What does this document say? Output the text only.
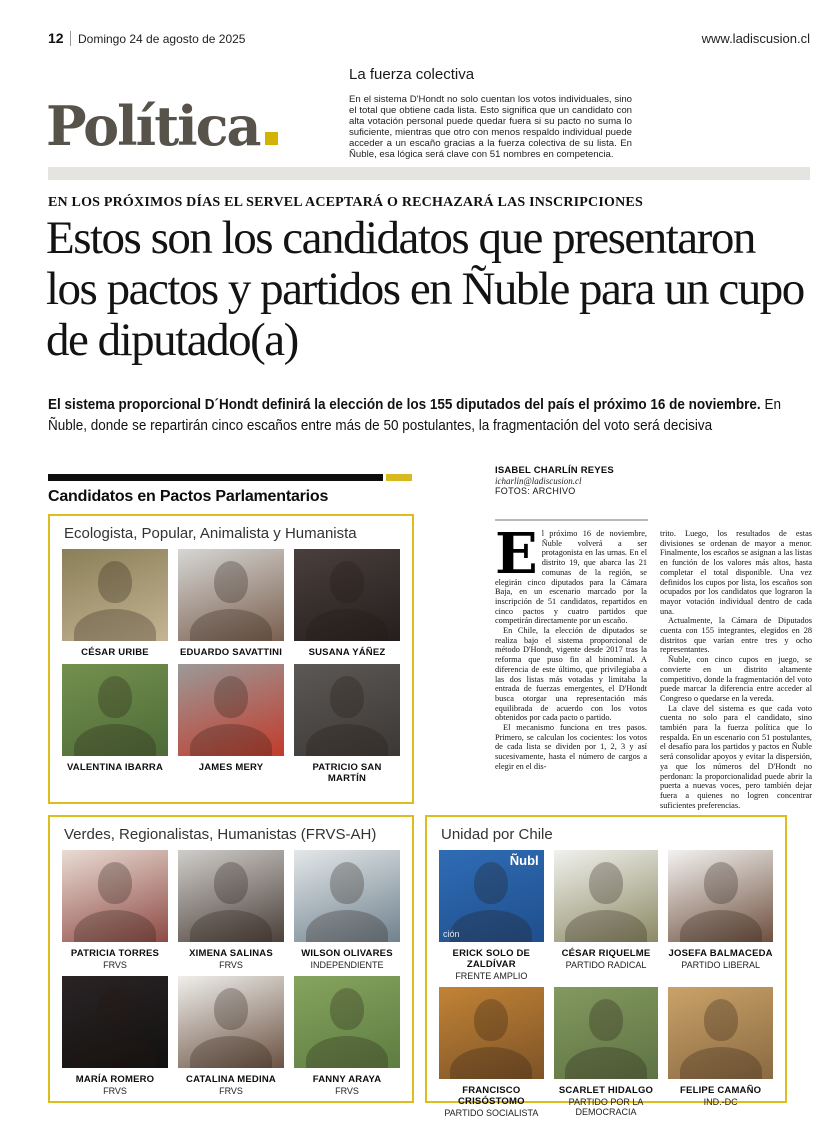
12 Domingo 24 de agosto de 2025	www.ladiscusion.cl
Política
La fuerza colectiva
En el sistema D'Hondt no solo cuentan los votos individuales, sino el total que obtiene cada lista. Esto significa que un candidato con alta votación personal puede quedar fuera si su pacto no suma lo suficiente, mientras que otro con menos respaldo individual puede acceder a un escaño gracias a la fuerza colectiva de su lista. En Ñuble, esa lógica será clave con 51 nombres en competencia.
EN LOS PRÓXIMOS DÍAS EL SERVEL ACEPTARÁ O RECHAZARÁ LAS INSCRIPCIONES
Estos son los candidatos que presentaron los pactos y partidos en Ñuble para un cupo de diputado(a)
El sistema proporcional D´Hondt definirá la elección de los 155 diputados del país el próximo 16 de noviembre. En Ñuble, donde se repartirán cinco escaños entre más de 50 postulantes, la fragmentación del voto será decisiva
Candidatos en Pactos Parlamentarios
Ecologista, Popular, Animalista y Humanista
CÉSAR URIBE	EDUARDO SAVATTINI	SUSANA YÁÑEZ
VALENTINA IBARRA	JAMES MERY	PATRICIO SAN MARTÍN
Verdes, Regionalistas, Humanistas (FRVS-AH)
PATRICIA TORRES
FRVS
XIMENA SALINAS
FRVS
WILSON OLIVARES
INDEPENDIENTE
MARÍA ROMERO
FRVS
CATALINA MEDINA
FRVS
FANNY ARAYA
FRVS
Unidad por Chile
Ñubl
ción
ERICK SOLO DE ZALDÍVAR
FRENTE AMPLIO
CÉSAR RIQUELME
PARTIDO RADICAL
JOSEFA BALMACEDA
PARTIDO LIBERAL
FRANCISCO CRISÓSTOMO
PARTIDO SOCIALISTA
SCARLET HIDALGO
PARTIDO POR LA DEMOCRACIA
FELIPE CAMAÑO
IND.-DC
ISABEL CHARLÍN REYES
icharlin@ladiscusion.cl
FOTOS: ARCHIVO

El próximo 16 de noviembre, Ñuble volverá a ser protagonista en las urnas. En el distrito 19, que abarca las 21 comunas de la región, se elegirán cinco diputados para la Cámara Baja, en un escenario marcado por la inscripción de 51 candidatos, repartidos en cinco pactos y cuatro partidos que competirán directamente por un escaño.

En Chile, la elección de diputados se realiza bajo el sistema proporcional de método D'Hondt, vigente desde 2017 tras la reforma que puso fin al binominal. A diferencia de este último, que privilegiaba a las dos listas más votadas y limitaba la entrada de fuerzas emergentes, el D'Hondt busca otorgar una representación más equilibrada de acuerdo con los votos obtenidos por cada pacto o partido.

El mecanismo funciona en tres pasos. Primero, se calculan los cocientes: los votos de cada lista se dividen por 1, 2, 3 y así sucesivamente, hasta el número de cargos a elegir en el dis-

trito. Luego, los resultados de estas divisiones se ordenan de mayor a menor. Finalmente, los escaños se asignan a las listas en función de los valores más altos, hasta completar el total disponible. Una vez definidos los cupos por lista, los escaños son ocupados por los candidatos que lograron la mayor votación individual dentro de cada una.

Actualmente, la Cámara de Diputados cuenta con 155 integrantes, elegidos en 28 distritos que varían entre tres y ocho representantes.

Ñuble, con cinco cupos en juego, se convierte en un distrito altamente competitivo, donde la fragmentación del voto puede marcar la diferencia entre acceder al Congreso o quedarse en la vereda.

La clave del sistema es que cada voto cuenta no solo para el candidato, sino también para la fuerza política que lo respalda. En un escenario con 51 postulantes, el desafío para los partidos y pactos en Ñuble será consolidar apoyos y evitar la dispersión, ya que los números del D'Hondt no perdonan: la proporcionalidad puede abrir la puerta a nuevas voces, pero también dejar fuera a quienes no logren concentrar suficientes preferencias.
